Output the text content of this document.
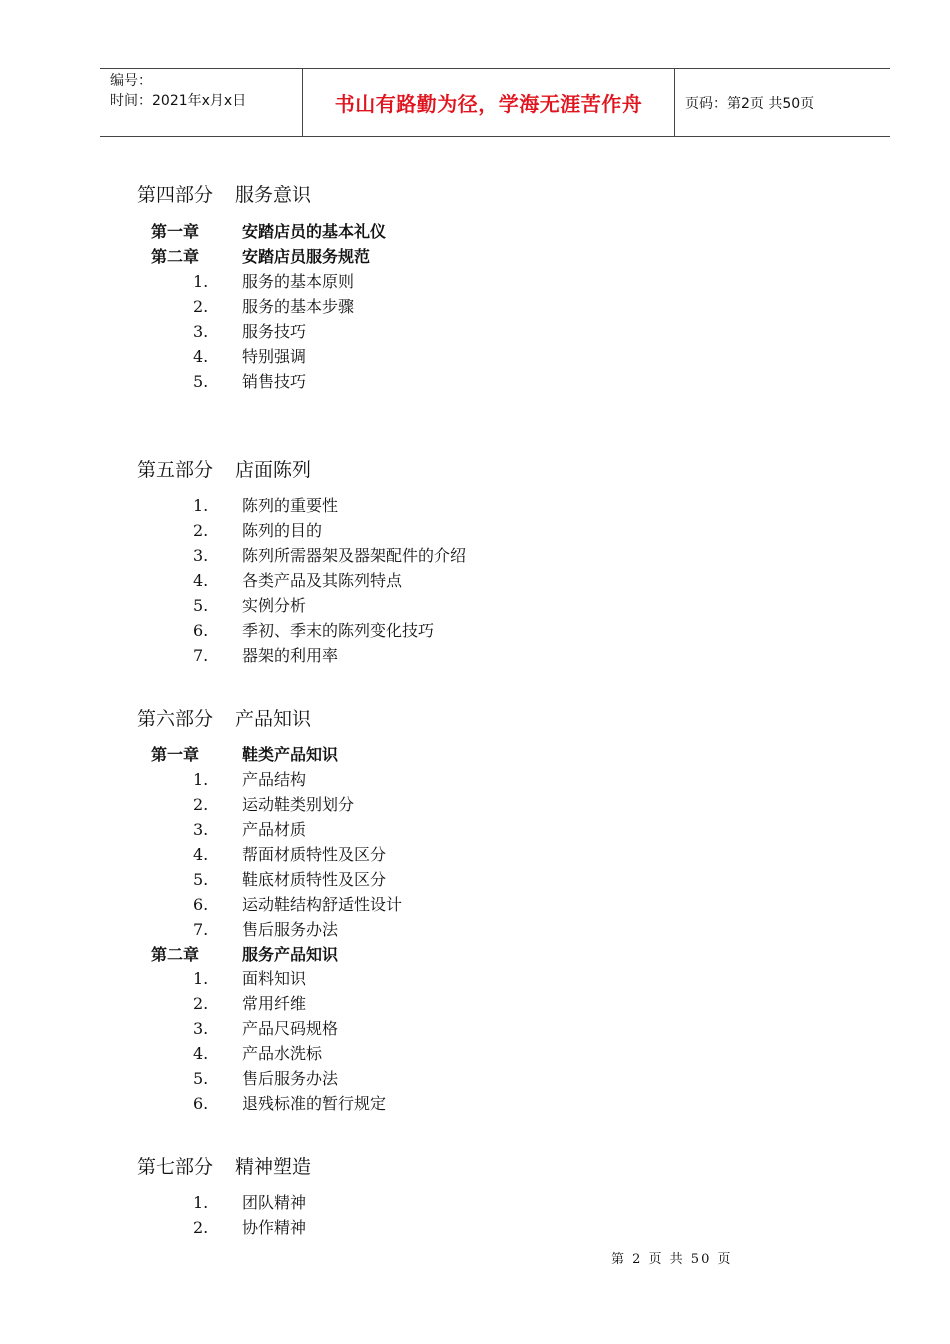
编号：
时间：2021年x月x日	书山有路勤为径，学海无涯苦作舟	页码：第2页 共50页
第四部分 服务意识
第一章	安踏店员的基本礼仪
第二章	安踏店员服务规范
1. 服务的基本原则
2. 服务的基本步骤
3. 服务技巧
4. 特别强调
5. 销售技巧
第五部分 店面陈列
1. 陈列的重要性
2. 陈列的目的
3. 陈列所需器架及器架配件的介绍
4. 各类产品及其陈列特点
5. 实例分析
6. 季初、季末的陈列变化技巧
7. 器架的利用率
第六部分 产品知识
第一章	鞋类产品知识
1. 产品结构
2. 运动鞋类别划分
3. 产品材质
4. 帮面材质特性及区分
5. 鞋底材质特性及区分
6. 运动鞋结构舒适性设计
7. 售后服务办法
第二章	服务产品知识
1. 面料知识
2. 常用纤维
3. 产品尺码规格
4. 产品水洗标
5. 售后服务办法
6. 退残标准的暂行规定
第七部分 精神塑造
1. 团队精神
2. 协作精神
第 2 页 共 50 页
